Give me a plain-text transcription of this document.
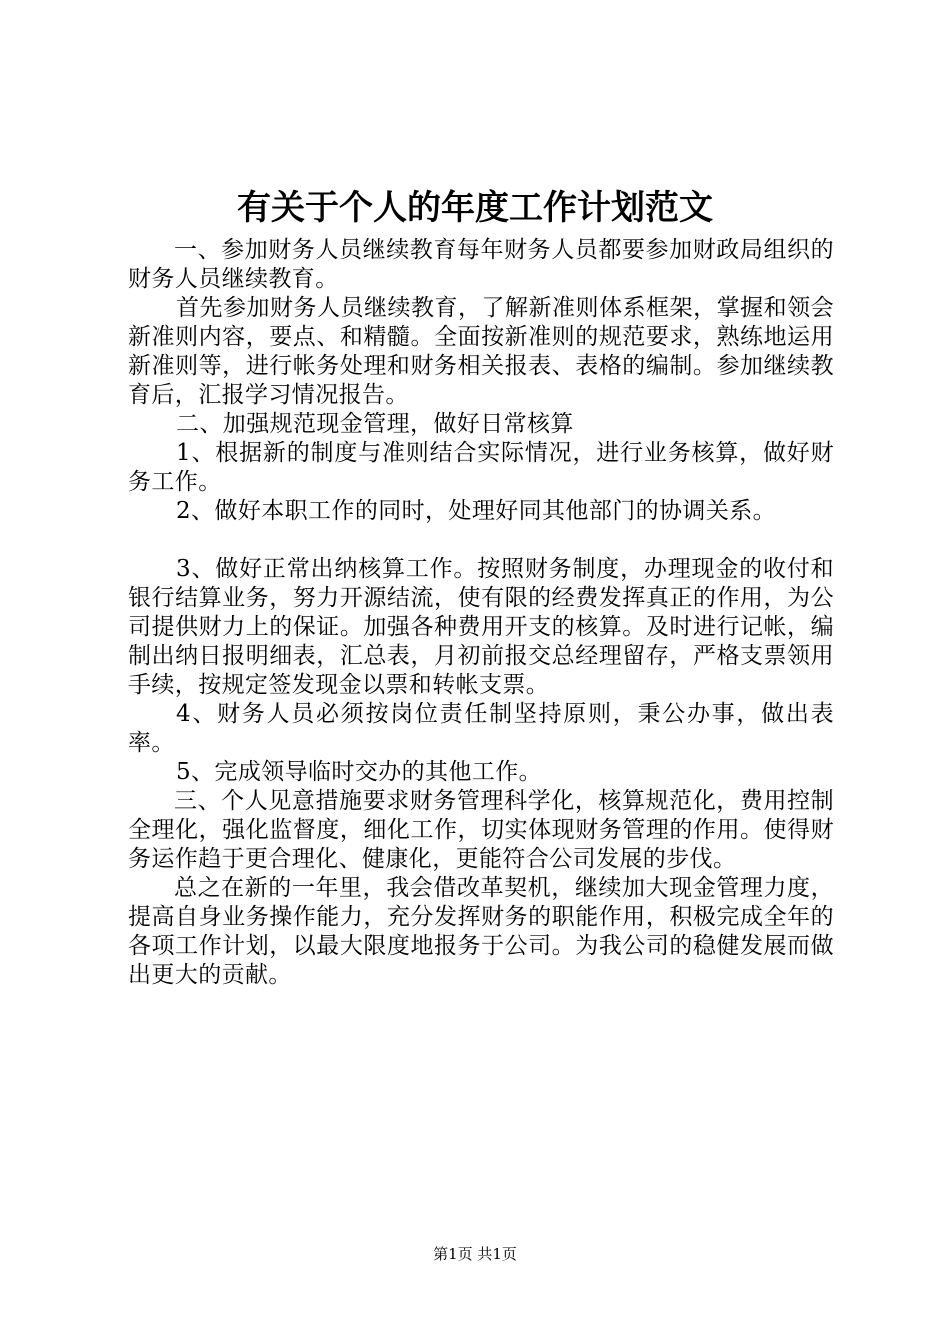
有关于个人的年度工作计划范文

一、参加财务人员继续教育每年财务人员都要参加财政局组织的财务人员继续教育。

首先参加财务人员继续教育，了解新准则体系框架，掌握和领会新准则内容，要点、和精髓。全面按新准则的规范要求，熟练地运用新准则等，进行帐务处理和财务相关报表、表格的编制。参加继续教育后，汇报学习情况报告。

二、加强规范现金管理，做好日常核算

1、根据新的制度与准则结合实际情况，进行业务核算，做好财务工作。

2、做好本职工作的同时，处理好同其他部门的协调关系。

3、做好正常出纳核算工作。按照财务制度，办理现金的收付和银行结算业务，努力开源结流，使有限的经费发挥真正的作用，为公司提供财力上的保证。加强各种费用开支的核算。及时进行记帐，编制出纳日报明细表，汇总表，月初前报交总经理留存，严格支票领用手续，按规定签发现金以票和转帐支票。

4、财务人员必须按岗位责任制坚持原则，秉公办事，做出表率。

5、完成领导临时交办的其他工作。

三、个人见意措施要求财务管理科学化，核算规范化，费用控制全理化，强化监督度，细化工作，切实体现财务管理的作用。使得财务运作趋于更合理化、健康化，更能符合公司发展的步伐。

总之在新的一年里，我会借改革契机，继续加大现金管理力度，提高自身业务操作能力，充分发挥财务的职能作用，积极完成全年的各项工作计划，以最大限度地报务于公司。为我公司的稳健发展而做出更大的贡献。

第1页 共1页
